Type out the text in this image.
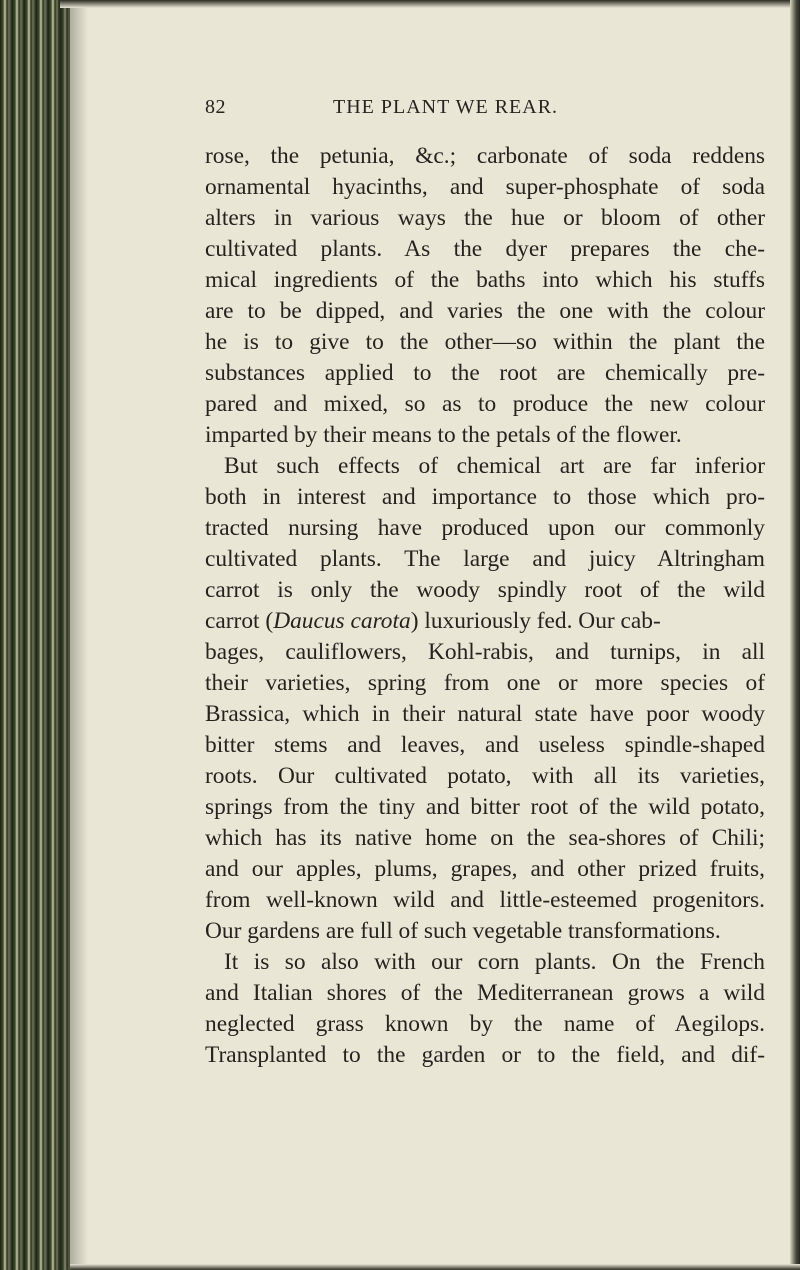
82	THE PLANT WE REAR.
rose, the petunia, &c.; carbonate of soda reddens
ornamental hyacinths, and super-phosphate of soda
alters in various ways the hue or bloom of other
cultivated plants. As the dyer prepares the che-
mical ingredients of the baths into which his stuffs
are to be dipped, and varies the one with the colour
he is to give to the other—so within the plant the
substances applied to the root are chemically pre-
pared and mixed, so as to produce the new colour
imparted by their means to the petals of the flower.
But such effects of chemical art are far inferior
both in interest and importance to those which pro-
tracted nursing have produced upon our commonly
cultivated plants. The large and juicy Altringham
carrot is only the woody spindly root of the wild
carrot (Daucus carota) luxuriously fed. Our cab-
bages, cauliflowers, Kohl-rabis, and turnips, in all
their varieties, spring from one or more species of
Brassica, which in their natural state have poor woody
bitter stems and leaves, and useless spindle-shaped
roots. Our cultivated potato, with all its varieties,
springs from the tiny and bitter root of the wild potato,
which has its native home on the sea-shores of Chili;
and our apples, plums, grapes, and other prized fruits,
from well-known wild and little-esteemed progenitors.
Our gardens are full of such vegetable transformations.
It is so also with our corn plants. On the French
and Italian shores of the Mediterranean grows a wild
neglected grass known by the name of Aegilops.
Transplanted to the garden or to the field, and dif-
